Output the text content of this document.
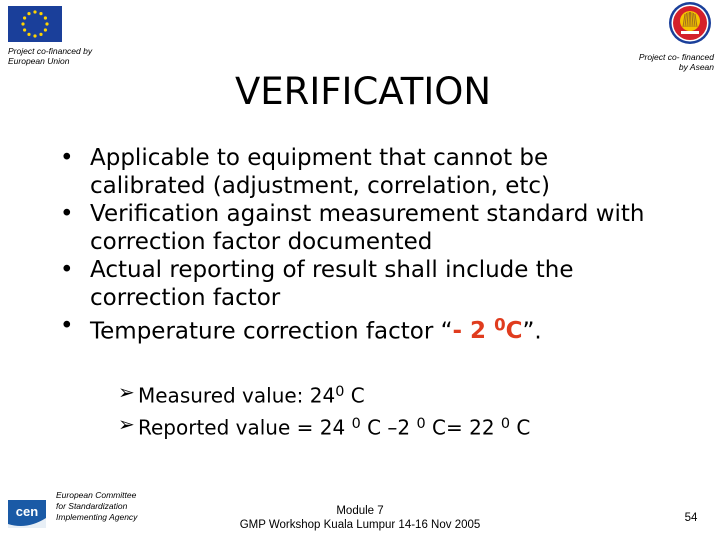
Project co-financed by
European Union	Project co- financed
by Asean
VERIFICATION
• Applicable to equipment that cannot be calibrated (adjustment, correlation, etc)
• Verification against measurement standard with correction factor documented
• Actual reporting of result shall include the correction factor
• Temperature correction factor “- 2 $^0$C”.
➢ Measured value: $24^0$ C
➢ Reported value = 24 $^0$ C –2 $^0$ C= 22 $^0$ C
cen
European Committee
for Standardization
Implementing Agency	Module 7
GMP Workshop Kuala Lumpur 14-16 Nov 2005
54
